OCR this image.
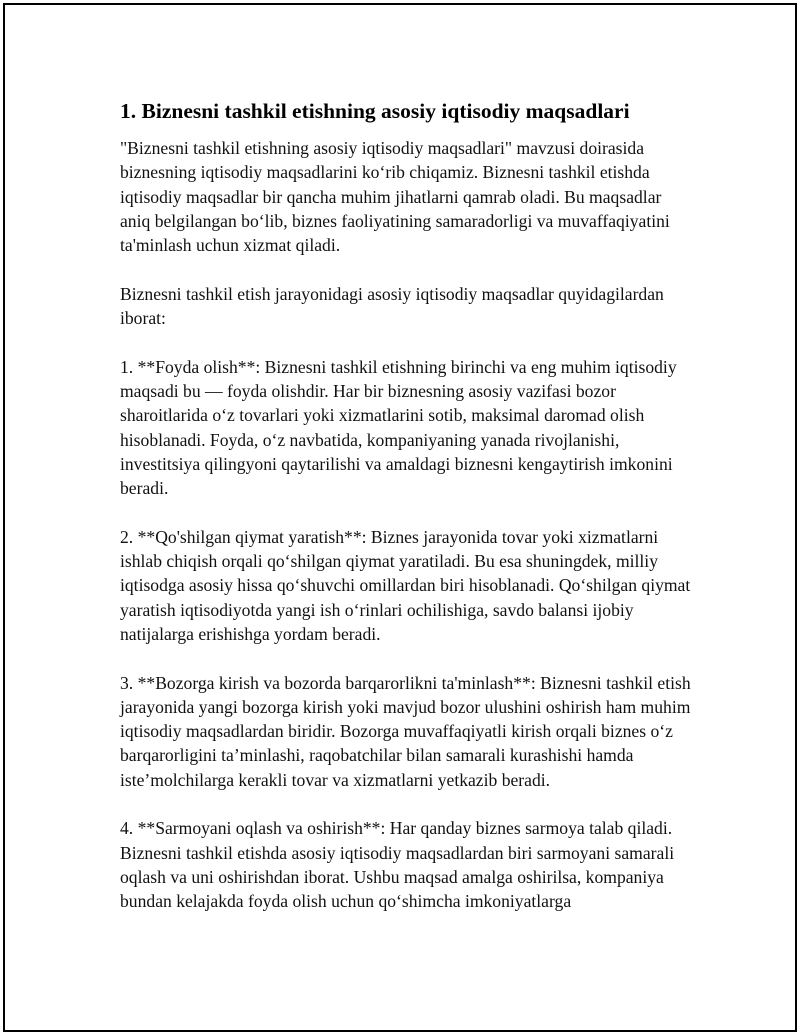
1. Biznesni tashkil etishning asosiy iqtisodiy maqsadlari

"Biznesni tashkil etishning asosiy iqtisodiy maqsadlari" mavzusi doirasida biznesning iqtisodiy maqsadlarini ko‘rib chiqamiz. Biznesni tashkil etishda iqtisodiy maqsadlar bir qancha muhim jihatlarni qamrab oladi. Bu maqsadlar aniq belgilangan bo‘lib, biznes faoliyatining samaradorligi va muvaffaqiyatini ta'minlash uchun xizmat qiladi.

Biznesni tashkil etish jarayonidagi asosiy iqtisodiy maqsadlar quyidagilardan iborat:

1. **Foyda olish**: Biznesni tashkil etishning birinchi va eng muhim iqtisodiy maqsadi bu — foyda olishdir. Har bir biznesning asosiy vazifasi bozor sharoitlarida o‘z tovarlari yoki xizmatlarini sotib, maksimal daromad olish hisoblanadi. Foyda, o‘z navbatida, kompaniyaning yanada rivojlanishi, investitsiya qilingyoni qaytarilishi va amaldagi biznesni kengaytirish imkonini beradi.

2. **Qo'shilgan qiymat yaratish**: Biznes jarayonida tovar yoki xizmatlarni ishlab chiqish orqali qo‘shilgan qiymat yaratiladi. Bu esa shuningdek, milliy iqtisodga asosiy hissa qo‘shuvchi omillardan biri hisoblanadi. Qo‘shilgan qiymat yaratish iqtisodiyotda yangi ish o‘rinlari ochilishiga, savdo balansi ijobiy natijalarga erishishga yordam beradi.

3. **Bozorga kirish va bozorda barqarorlikni ta'minlash**: Biznesni tashkil etish jarayonida yangi bozorga kirish yoki mavjud bozor ulushini oshirish ham muhim iqtisodiy maqsadlardan biridir. Bozorga muvaffaqiyatli kirish orqali biznes o‘z barqarorligini ta’minlashi, raqobatchilar bilan samarali kurashishi hamda iste’molchilarga kerakli tovar va xizmatlarni yetkazib beradi.

4. **Sarmoyani oqlash va oshirish**: Har qanday biznes sarmoya talab qiladi. Biznesni tashkil etishda asosiy iqtisodiy maqsadlardan biri sarmoyani samarali oqlash va uni oshirishdan iborat. Ushbu maqsad amalga oshirilsa, kompaniya bundan kelajakda foyda olish uchun qo‘shimcha imkoniyatlarga
